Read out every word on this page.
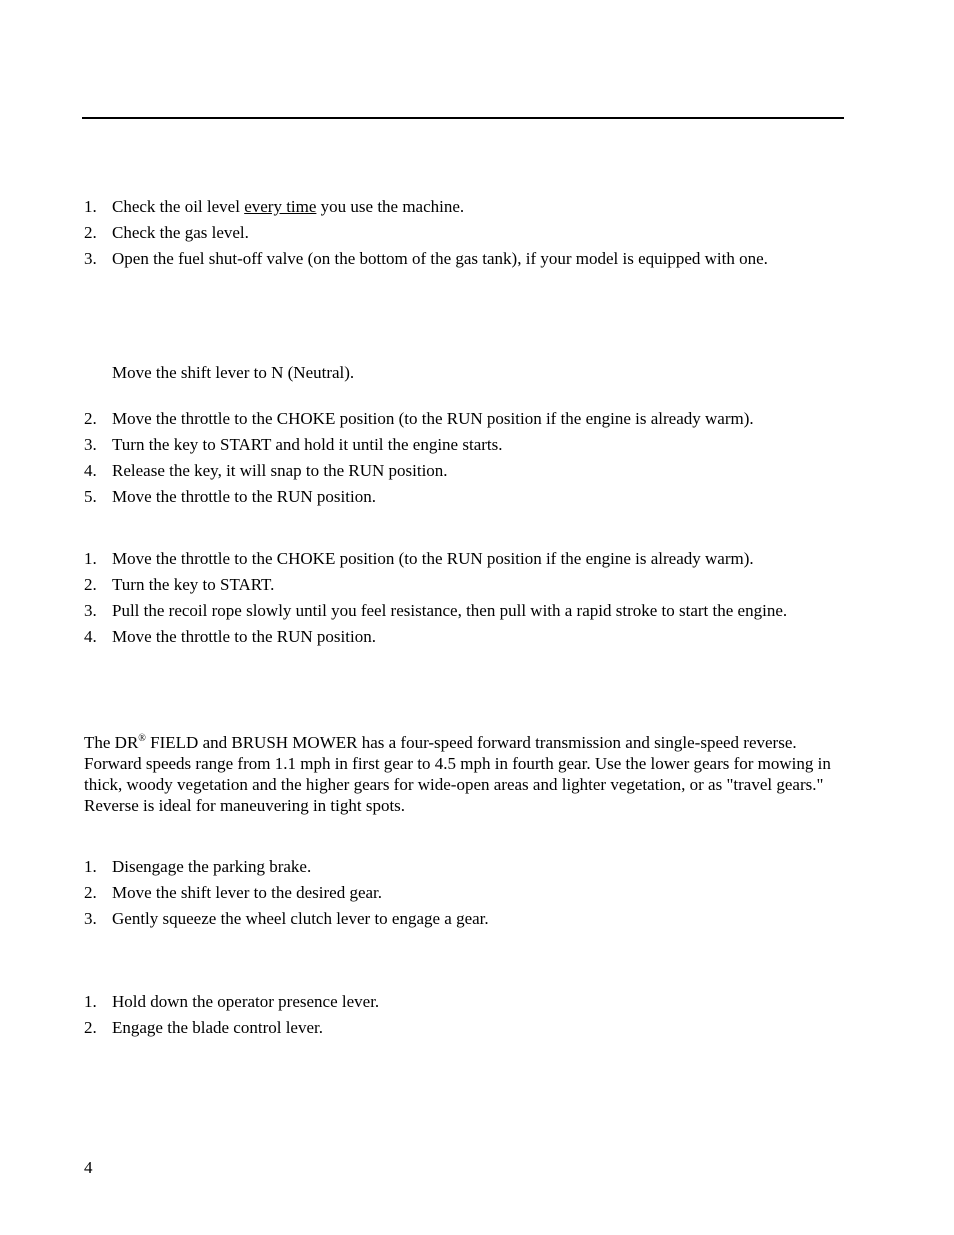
1. Check the oil level every time you use the machine.
2. Check the gas level.
3. Open the fuel shut-off valve (on the bottom of the gas tank), if your model is equipped with one.

Move the shift lever to N (Neutral).

2. Move the throttle to the CHOKE position (to the RUN position if the engine is already warm).
3. Turn the key to START and hold it until the engine starts.
4. Release the key, it will snap to the RUN position.
5. Move the throttle to the RUN position.
1. Move the throttle to the CHOKE position (to the RUN position if the engine is already warm).
2. Turn the key to START.
3. Pull the recoil rope slowly until you feel resistance, then pull with a rapid stroke to start the engine.
4. Move the throttle to the RUN position.

The DR® FIELD and BRUSH MOWER has a four-speed forward transmission and single-speed reverse. Forward speeds range from 1.1 mph in first gear to 4.5 mph in fourth gear. Use the lower gears for mowing in thick, woody vegetation and the higher gears for wide-open areas and lighter vegetation, or as "travel gears." Reverse is ideal for maneuvering in tight spots.

1. Disengage the parking brake.
2. Move the shift lever to the desired gear.
3. Gently squeeze the wheel clutch lever to engage a gear.
1. Hold down the operator presence lever.
2. Engage the blade control lever.
4
